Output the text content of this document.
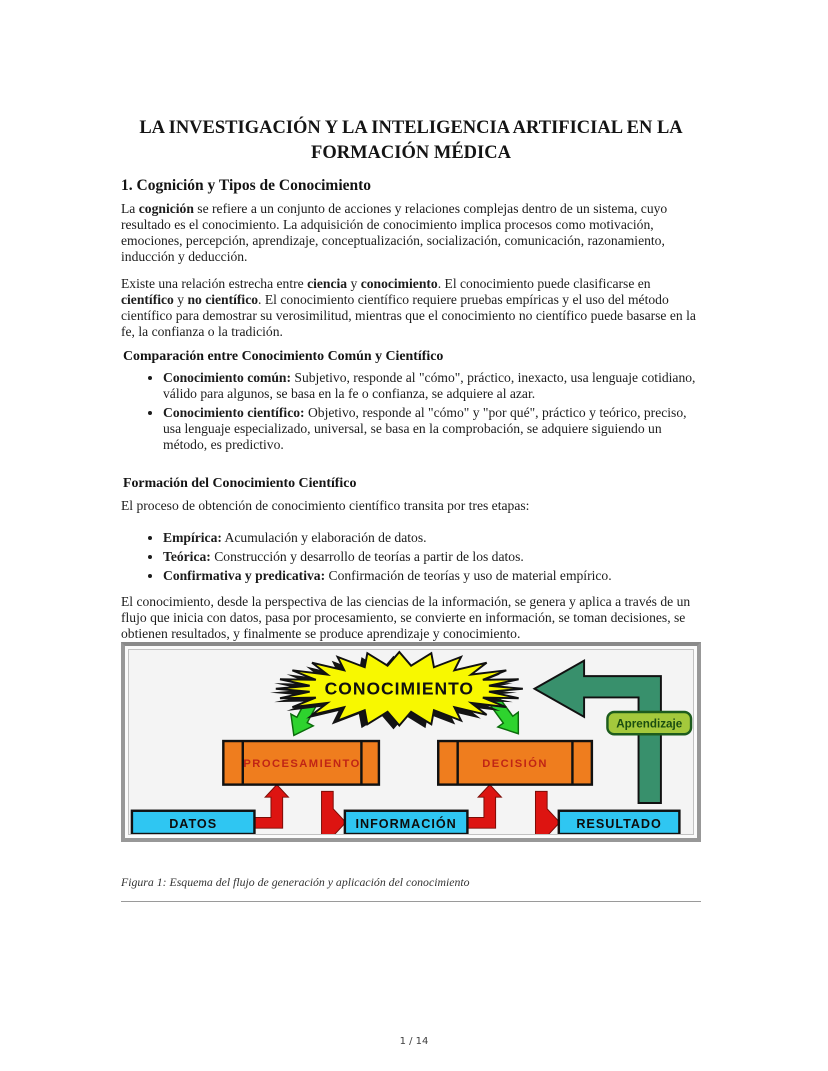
LA INVESTIGACIÓN Y LA INTELIGENCIA ARTIFICIAL EN LA
FORMACIÓN MÉDICA
1. Cognición y Tipos de Conocimiento

La cognición se refiere a un conjunto de acciones y relaciones complejas dentro de un sistema, cuyo resultado es el conocimiento. La adquisición de conocimiento implica procesos como motivación, emociones, percepción, aprendizaje, conceptualización, socialización, comunicación, razonamiento, inducción y deducción.

Existe una relación estrecha entre ciencia y conocimiento. El conocimiento puede clasificarse en científico y no científico. El conocimiento científico requiere pruebas empíricas y el uso del método científico para demostrar su verosimilitud, mientras que el conocimiento no científico puede basarse en la fe, la confianza o la tradición.

Comparación entre Conocimiento Común y Científico
• Conocimiento común: Subjetivo, responde al "cómo", práctico, inexacto, usa lenguaje cotidiano, válido para algunos, se basa en la fe o confianza, se adquiere al azar.
• Conocimiento científico: Objetivo, responde al "cómo" y "por qué", práctico y teórico, preciso, usa lenguaje especializado, universal, se basa en la comprobación, se adquiere siguiendo un método, es predictivo.
Formación del Conocimiento Científico

El proceso de obtención de conocimiento científico transita por tres etapas:

• Empírica: Acumulación y elaboración de datos.
• Teórica: Construcción y desarrollo de teorías a partir de los datos.
• Confirmativa y predicativa: Confirmación de teorías y uso de material empírico.

El conocimiento, desde la perspectiva de las ciencias de la información, se genera y aplica a través de un flujo que inicia con datos, pasa por procesamiento, se convierte en información, se toman decisiones, se obtienen resultados, y finalmente se produce aprendizaje y conocimiento.

CONOCIMIENTO
Aprendizaje
PROCESAMIENTO	DECISIÓN
DATOS	INFORMACIÓN	RESULTADO

Figura 1: Esquema del flujo de generación y aplicación del conocimiento

1 / 14
